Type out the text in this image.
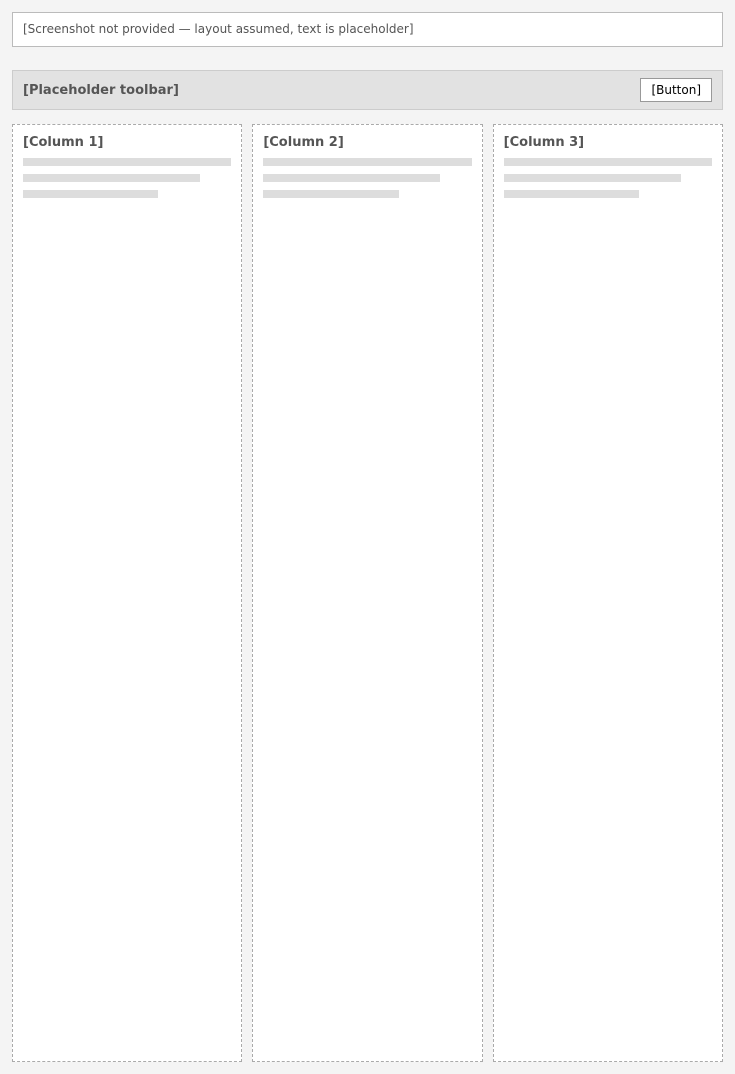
[Screenshot not provided — layout assumed, text is placeholder]
[Placeholder toolbar]	[Button]
[Column 1]	[Column 2]	[Column 3]
